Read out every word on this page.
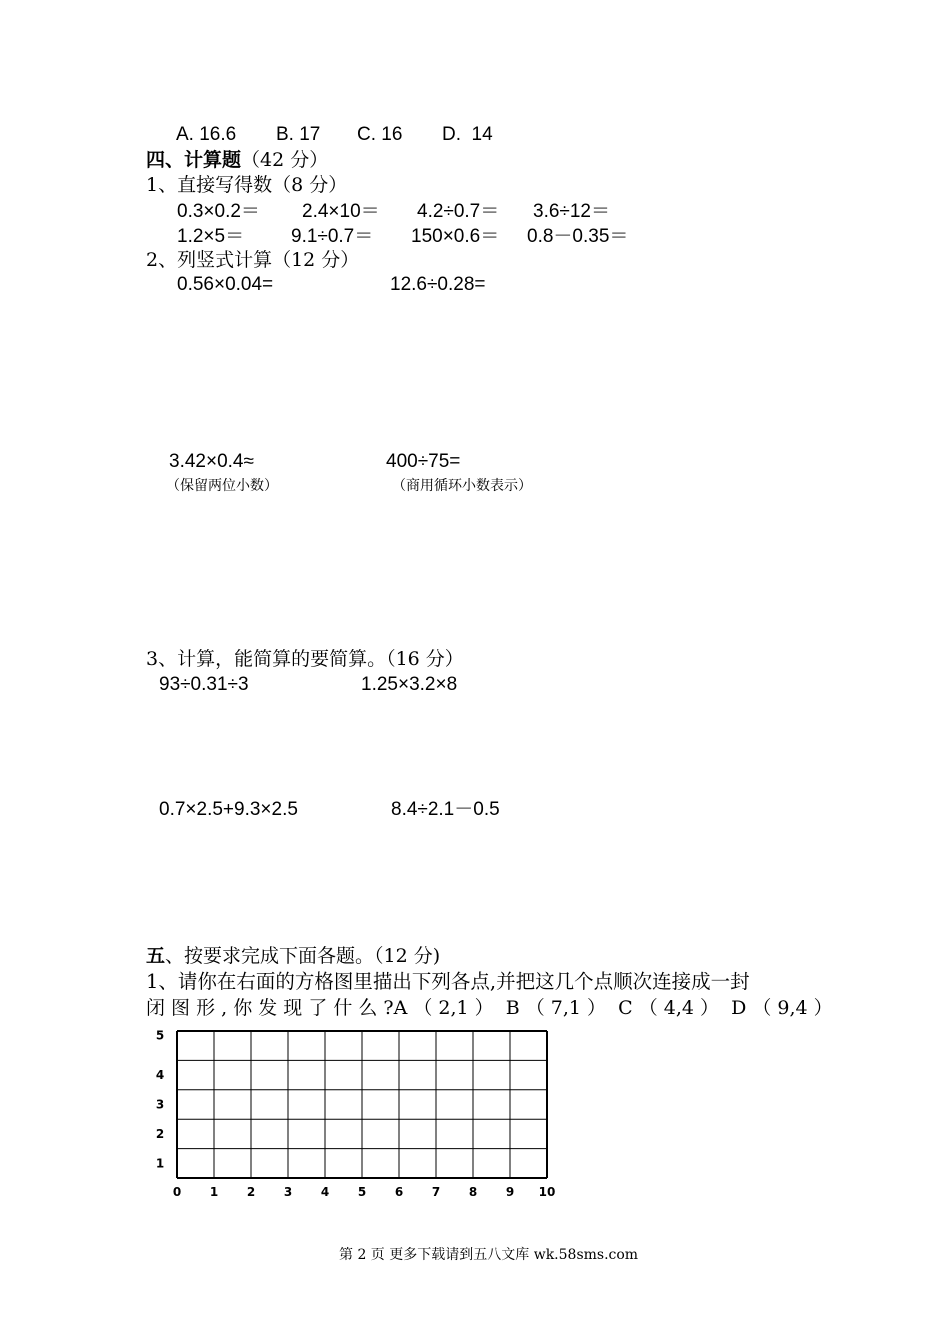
A. 16.6 B. 17 C. 16 D.  14
四、计算题（42 分）
1、直接写得数（8 分）
0.3×0.2＝ 2.4×10＝ 4.2÷0.7＝ 3.6÷12＝
1.2×5＝ 9.1÷0.7＝ 150×0.6＝ 0.8－0.35＝
2、列竖式计算（12 分）
0.56×0.04=	12.6÷0.28=
3.42×0.4≈	400÷75=
（保留两位小数）	（商用循环小数表示）
3、计算，能简算的要简算。（16 分）
93÷0.31÷3	1.25×3.2×8
0.7×2.5+9.3×2.5	8.4÷2.1－0.5
五、按要求完成下面各题。（12 分)
1、请你在右面的方格图里描出下列各点,并把这几个点顺次连接成一封
闭 图 形 , 你 发 现 了 什 么 ?A （ 2,1 ）  B （ 7,1 ）  C （ 4,4 ）  D （ 9,4 ）
0 1 2 3 4 5 6 7 8 9 10
1
2
3
4
5
第 2 页 更多下载请到五八文库 wk.58sms.com
